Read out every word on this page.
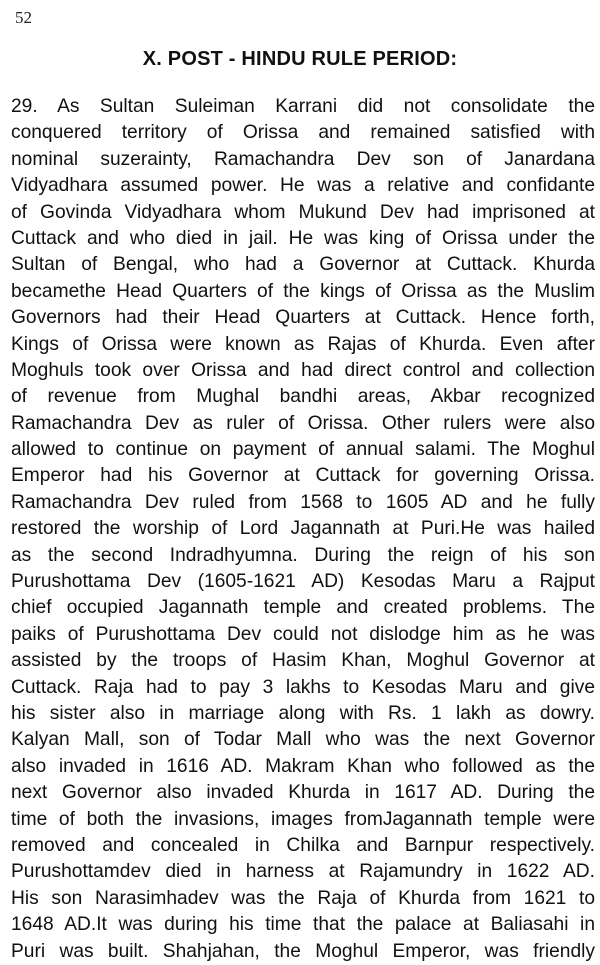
52
X. POST - HINDU RULE PERIOD:
29. As Sultan Suleiman Karrani did not consolidate the
conquered territory of Orissa and remained satisfied with
nominal suzerainty, Ramachandra Dev son of Janardana
Vidyadhara assumed power. He was a relative and confidante
of Govinda Vidyadhara whom Mukund Dev had imprisoned at
Cuttack and who died in jail. He was king of Orissa under the
Sultan of Bengal, who had a Governor at Cuttack. Khurda
becamethe Head Quarters of the kings of Orissa as the Muslim
Governors had their Head Quarters at Cuttack. Hence forth,
Kings of Orissa were known as Rajas of Khurda. Even after
Moghuls took over Orissa and had direct control and collection
of revenue from Mughal bandhi areas, Akbar recognized
Ramachandra Dev as ruler of Orissa. Other rulers were also
allowed to continue on payment of annual salami. The Moghul
Emperor had his Governor at Cuttack for governing Orissa.
Ramachandra Dev ruled from 1568 to 1605 AD and he fully
restored the worship of Lord Jagannath at Puri.He was hailed
as the second Indradhyumna. During the reign of his son
Purushottama Dev (1605-1621 AD) Kesodas Maru a Rajput
chief occupied Jagannath temple and created problems. The
paiks of Purushottama Dev could not dislodge him as he was
assisted by the troops of Hasim Khan, Moghul Governor at
Cuttack. Raja had to pay 3 lakhs to Kesodas Maru and give
his sister also in marriage along with Rs. 1 lakh as dowry.
Kalyan Mall, son of Todar Mall who was the next Governor
also invaded in 1616 AD. Makram Khan who followed as the
next Governor also invaded Khurda in 1617 AD. During the
time of both the invasions, images fromJagannath temple were
removed and concealed in Chilka and Barnpur respectively.
Purushottamdev died in harness at Rajamundry in 1622 AD.
His son Narasimhadev was the Raja of Khurda from 1621 to
1648 AD.It was during his time that the palace at Baliasahi in
Puri was built. Shahjahan, the Moghul Emperor, was friendly
